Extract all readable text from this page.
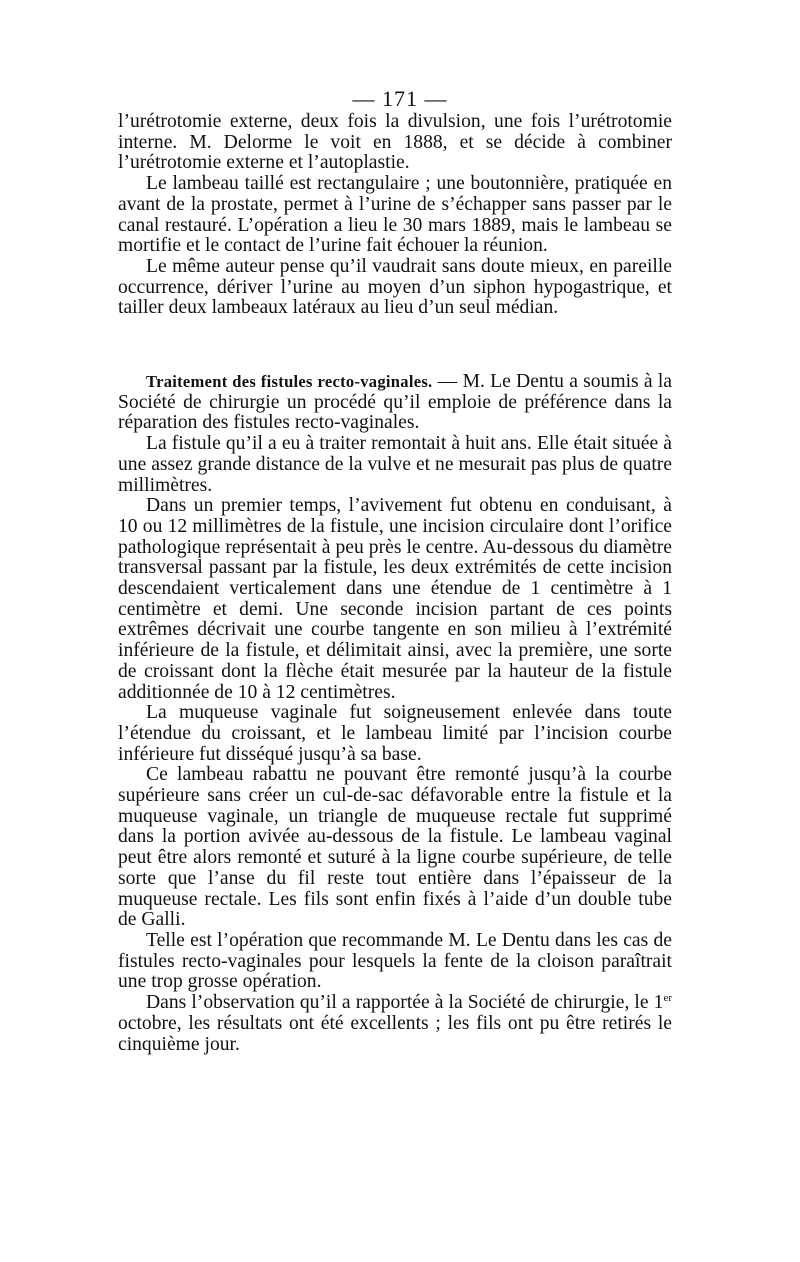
— 171 —

l’urétrotomie externe, deux fois la divulsion, une fois l’urétrotomie interne. M. Delorme le voit en 1888, et se décide à combiner l’urétrotomie externe et l’autoplastie.

Le lambeau taillé est rectangulaire ; une boutonnière, pratiquée en avant de la prostate, permet à l’urine de s’échapper sans passer par le canal restauré. L’opération a lieu le 30 mars 1889, mais le lambeau se mortifie et le contact de l’urine fait échouer la réunion.

Le même auteur pense qu’il vaudrait sans doute mieux, en pareille occurrence, dériver l’urine au moyen d’un siphon hypogastrique, et tailler deux lambeaux latéraux au lieu d’un seul médian.

Traitement des fistules recto-vaginales. — M. Le Dentu a soumis à la Société de chirurgie un procédé qu’il emploie de préférence dans la réparation des fistules recto-vaginales.

La fistule qu’il a eu à traiter remontait à huit ans. Elle était située à une assez grande distance de la vulve et ne mesurait pas plus de quatre millimètres.

Dans un premier temps, l’avivement fut obtenu en conduisant, à 10 ou 12 millimètres de la fistule, une incision circulaire dont l’orifice pathologique représentait à peu près le centre. Au-dessous du diamètre transversal passant par la fistule, les deux extrémités de cette incision descendaient verticalement dans une étendue de 1 centimètre à 1 centimètre et demi. Une seconde incision partant de ces points extrêmes décrivait une courbe tangente en son milieu à l’extrémité inférieure de la fistule, et délimitait ainsi, avec la première, une sorte de croissant dont la flèche était mesurée par la hauteur de la fistule additionnée de 10 à 12 centimètres.

La muqueuse vaginale fut soigneusement enlevée dans toute l’étendue du croissant, et le lambeau limité par l’incision courbe inférieure fut disséqué jusqu’à sa base.

Ce lambeau rabattu ne pouvant être remonté jusqu’à la courbe supérieure sans créer un cul-de-sac défavorable entre la fistule et la muqueuse vaginale, un triangle de muqueuse rectale fut supprimé dans la portion avivée au-dessous de la fistule. Le lambeau vaginal peut être alors remonté et suturé à la ligne courbe supérieure, de telle sorte que l’anse du fil reste tout entière dans l’épaisseur de la muqueuse rectale. Les fils sont enfin fixés à l’aide d’un double tube de Galli.

Telle est l’opération que recommande M. Le Dentu dans les cas de fistules recto-vaginales pour lesquels la fente de la cloison paraîtrait une trop grosse opération.

Dans l’observation qu’il a rapportée à la Société de chirurgie, le 1er octobre, les résultats ont été excellents ; les fils ont pu être retirés le cinquième jour.
